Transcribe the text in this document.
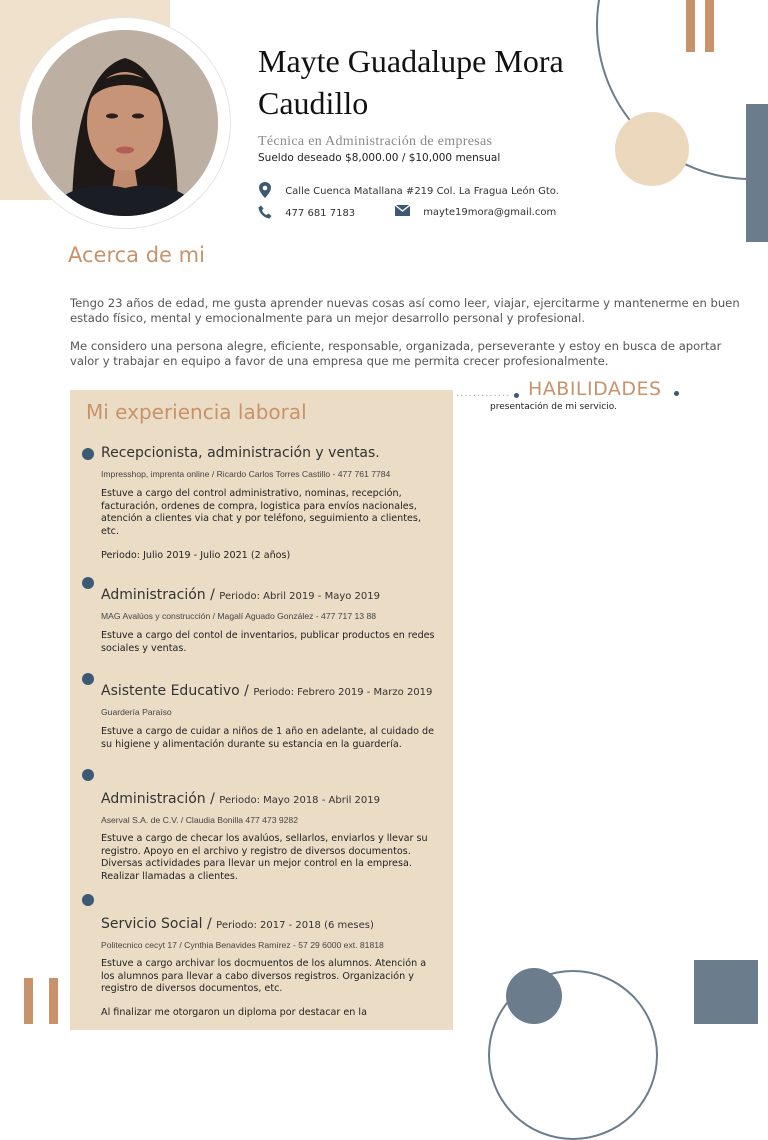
Mayte Guadalupe Mora Caudillo
Técnica en Administración de empresas
Sueldo deseado $8,000.00 / $10,000 mensual
Calle Cuenca Matallana #219 Col. La Fragua León Gto.
477 681 7183	mayte19mora@gmail.com
Acerca de mi

Tengo 23 años de edad, me gusta aprender nuevas cosas así como leer, viajar, ejercitarme y mantenerme en buen estado físico, mental y emocionalmente para un mejor desarrollo personal y profesional.

Me considero una persona alegre, eficiente, responsable, organizada, perseverante y estoy en busca de aportar valor y trabajar en equipo a favor de una empresa que me permita crecer profesionalmente.

............. HABILIDADES
presentación de mi servicio.
Mi experiencia laboral
Recepcionista, administración y ventas.
Impresshop, imprenta online / Ricardo Carlos Torres Castillo - 477 761 7784
Estuve a cargo del control administrativo, nominas, recepción, facturación, ordenes de compra, logistica para envíos nacionales, atención a clientes via chat y por teléfono, seguimiento a clientes, etc.
Periodo: Julio 2019 - Julio 2021 (2 años)
Administración / Periodo: Abril 2019 - Mayo 2019
MAG Avalúos y construcción / Magalí Aguado González - 477 717 13 88
Estuve a cargo del contol de inventarios, publicar productos en redes sociales y ventas.
Asistente Educativo / Periodo: Febrero 2019 - Marzo 2019
Guardería Paraíso
Estuve a cargo de cuidar a niños de 1 año en adelante, al cuidado de su higiene y alimentación durante su estancia en la guardería.
Administración / Periodo: Mayo 2018 - Abril 2019
Aserval S.A. de C.V. / Claudia Bonilla 477 473 9282
Estuve a cargo de checar los avalúos, sellarlos, enviarlos y llevar su registro. Apoyo en el archivo y registro de diversos documentos. Diversas actividades para llevar un mejor control en la empresa. Realizar llamadas a clientes.
Servicio Social / Periodo: 2017 - 2018 (6 meses)
Politecnico cecyt 17 / Cynthia Benavides Ramírez - 57 29 6000 ext. 81818
Estuve a cargo archivar los docmuentos de los alumnos. Atención a los alumnos para llevar a cabo diversos registros. Organización y registro de diversos documentos, etc.
Al finalizar me otorgaron un diploma por destacar en la
